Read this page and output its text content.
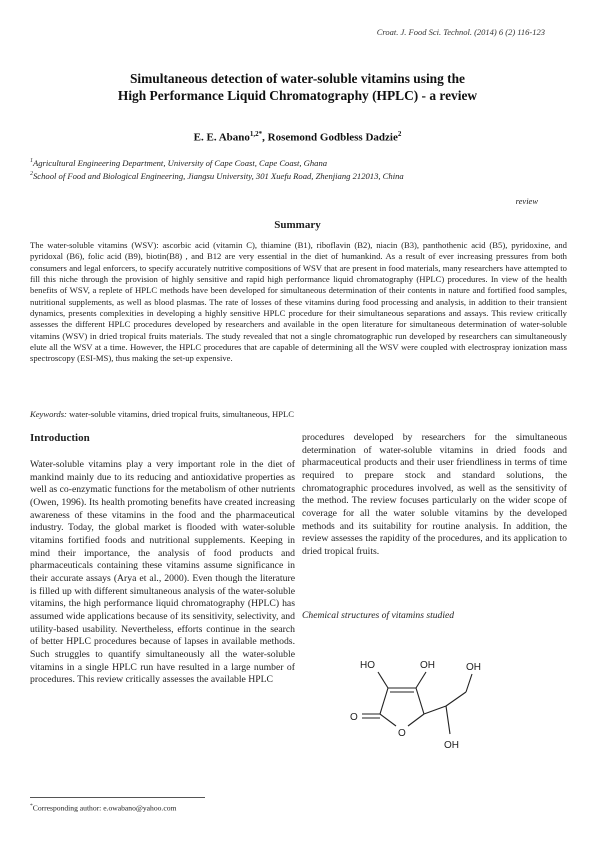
Croat. J. Food Sci. Technol. (2014) 6 (2) 116-123
Simultaneous detection of water-soluble vitamins using the
High Performance Liquid Chromatography (HPLC) - a review
E. E. Abano$^{1,2*}$, Rosemond Godbless Dadzie$^2$
$^1$Agricultural Engineering Department, University of Cape Coast, Cape Coast, Ghana
$^2$School of Food and Biological Engineering, Jiangsu University, 301 Xuefu Road, Zhenjiang 212013, China
review
Summary
The water-soluble vitamins (WSV): ascorbic acid (vitamin C), thiamine (B1), riboflavin (B2), niacin (B3), panthothenic acid (B5), pyridoxine, and pyridoxal (B6), folic acid (B9), biotin(B8) , and B12 are very essential in the diet of humankind. As a result of ever increasing pressures from both consumers and legal enforcers, to specify accurately nutritive compositions of WSV that are present in food materials, many researchers have attempted to fill this niche through the provision of highly sensitive and rapid high performance liquid chromatography (HPLC) procedures. In view of the health benefits of WSV, a replete of HPLC methods have been developed for simultaneous determination of their contents in nature and fortified food samples, nutritional supplements, as well as blood plasmas. The rate of losses of these vitamins during food processing and analysis, in addition to their transient dynamics, presents complexities in developing a highly sensitive HPLC procedure for their simultaneous separations and assays. This review critically assesses the different HPLC procedures developed by researchers and available in the open literature for simultaneous determination of water-soluble vitamins (WSV) in dried tropical fruits materials. The study revealed that not a single chromatographic run developed by researchers can simultaneously elute all the WSV at a time. However, the HPLC procedures that are capable of determining all the WSV were coupled with electrospray ionization mass spectroscopy (ESI-MS), thus making the set-up expensive.
Keywords: water-soluble vitamins, dried tropical fruits, simultaneous, HPLC
Introduction
Water-soluble vitamins play a very important role in the diet of mankind mainly due to its reducing and antioxidative properties as well as co-enzymatic functions for the metabolism of other nutrients (Owen, 1996). Its health promoting benefits have created increasing awareness of these vitamins in the food and the pharmaceutical industry. Today, the global market is flooded with water-soluble vitamins fortified foods and nutritional supplements. Keeping in mind their importance, the analysis of food products and pharmaceuticals containing these vitamins assume significance in their accurate assays (Arya et al., 2000). Even though the literature is filled up with different simultaneous analysis of the water-soluble vitamins, the high performance liquid chromatography (HPLC) has assumed wide applications because of its sensitivity, selectivity, and utility-based usability. Nevertheless, efforts continue in the search of better HPLC procedures because of lapses in available methods. Such struggles to quantify simultaneously all the water-soluble vitamins in a single HPLC run have resulted in a large number of procedures. This review critically assesses the available HPLC
procedures developed by researchers for the simultaneous determination of water-soluble vitamins in dried foods and pharmaceutical products and their user friendliness in terms of time required to prepare stock and standard solutions, the chromatographic procedures involved, as well as the sensitivity of the method. The review focuses particularly on the wider scope of coverage for all the water soluble vitamins by the developed methods and its suitability for routine analysis. In addition, the review assesses the rapidity of the procedures, and its application to dried tropical fruits.
Chemical structures of vitamins studied
HO	OH
O
O
OH
OH
*Corresponding author: e.owabano@yahoo.com
